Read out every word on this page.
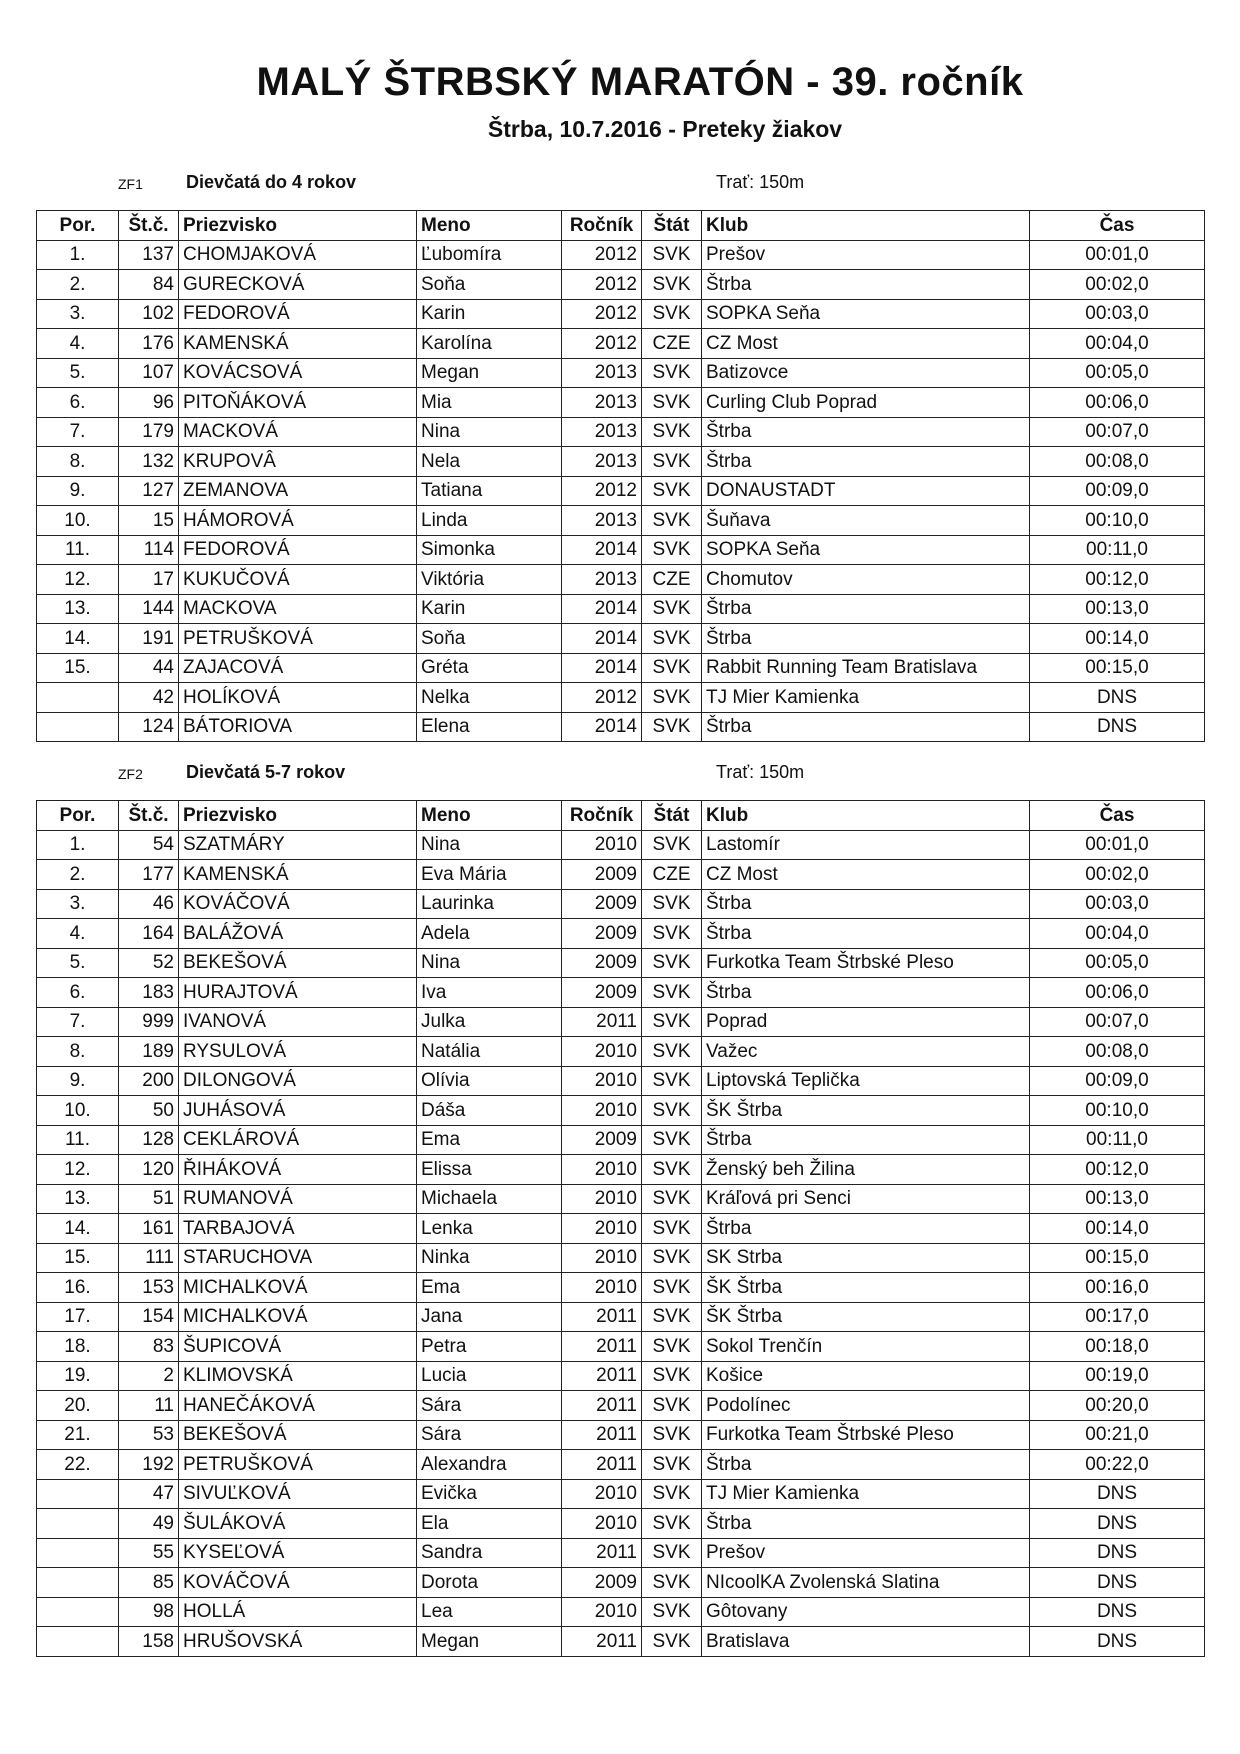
MALÝ ŠTRBSKÝ MARATÓN - 39. ročník
Štrba, 10.7.2016 - Preteky žiakov
ZF1 Dievčatá do 4 rokov	Trať: 150m
Por.	Št.č.	Priezvisko	Meno	Ročník	Štát	Klub	Čas
1.	137	CHOMJAKOVÁ	Ľubomíra	2012	SVK	Prešov	00:01,0
2.	84	GURECKOVÁ	Soňa	2012	SVK	Štrba	00:02,0
3.	102	FEDOROVÁ	Karin	2012	SVK	SOPKA Seňa	00:03,0
4.	176	KAMENSKÁ	Karolína	2012	CZE	CZ Most	00:04,0
5.	107	KOVÁCSOVÁ	Megan	2013	SVK	Batizovce	00:05,0
6.	96	PITOŇÁKOVÁ	Mia	2013	SVK	Curling Club Poprad	00:06,0
7.	179	MACKOVÁ	Nina	2013	SVK	Štrba	00:07,0
8.	132	KRUPOVÂ	Nela	2013	SVK	Štrba	00:08,0
9.	127	ZEMANOVA	Tatiana	2012	SVK	DONAUSTADT	00:09,0
10.	15	HÁMOROVÁ	Linda	2013	SVK	Šuňava	00:10,0
11.	114	FEDOROVÁ	Simonka	2014	SVK	SOPKA Seňa	00:11,0
12.	17	KUKUČOVÁ	Viktória	2013	CZE	Chomutov	00:12,0
13.	144	MACKOVA	Karin	2014	SVK	Štrba	00:13,0
14.	191	PETRUŠKOVÁ	Soňa	2014	SVK	Štrba	00:14,0
15.	44	ZAJACOVÁ	Gréta	2014	SVK	Rabbit Running Team Bratislava	00:15,0
	42	HOLÍKOVÁ	Nelka	2012	SVK	TJ Mier Kamienka	DNS
	124	BÁTORIOVA	Elena	2014	SVK	Štrba	DNS
ZF2 Dievčatá 5-7 rokov	Trať: 150m
Por.	Št.č.	Priezvisko	Meno	Ročník	Štát	Klub	Čas
1.	54	SZATMÁRY	Nina	2010	SVK	Lastomír	00:01,0
2.	177	KAMENSKÁ	Eva Mária	2009	CZE	CZ Most	00:02,0
3.	46	KOVÁČOVÁ	Laurinka	2009	SVK	Štrba	00:03,0
4.	164	BALÁŽOVÁ	Adela	2009	SVK	Štrba	00:04,0
5.	52	BEKEŠOVÁ	Nina	2009	SVK	Furkotka Team Štrbské Pleso	00:05,0
6.	183	HURAJTOVÁ	Iva	2009	SVK	Štrba	00:06,0
7.	999	IVANOVÁ	Julka	2011	SVK	Poprad	00:07,0
8.	189	RYSULOVÁ	Natália	2010	SVK	Važec	00:08,0
9.	200	DILONGOVÁ	Olívia	2010	SVK	Liptovská Teplička	00:09,0
10.	50	JUHÁSOVÁ	Dáša	2010	SVK	ŠK Štrba	00:10,0
11.	128	CEKLÁROVÁ	Ema	2009	SVK	Štrba	00:11,0
12.	120	ŘIHÁKOVÁ	Elissa	2010	SVK	Ženský beh Žilina	00:12,0
13.	51	RUMANOVÁ	Michaela	2010	SVK	Kráľová pri Senci	00:13,0
14.	161	TARBAJOVÁ	Lenka	2010	SVK	Štrba	00:14,0
15.	111	STARUCHOVA	Ninka	2010	SVK	SK Strba	00:15,0
16.	153	MICHALKOVÁ	Ema	2010	SVK	ŠK Štrba	00:16,0
17.	154	MICHALKOVÁ	Jana	2011	SVK	ŠK Štrba	00:17,0
18.	83	ŠUPICOVÁ	Petra	2011	SVK	Sokol Trenčín	00:18,0
19.	2	KLIMOVSKÁ	Lucia	2011	SVK	Košice	00:19,0
20.	11	HANEČÁKOVÁ	Sára	2011	SVK	Podolínec	00:20,0
21.	53	BEKEŠOVÁ	Sára	2011	SVK	Furkotka Team Štrbské Pleso	00:21,0
22.	192	PETRUŠKOVÁ	Alexandra	2011	SVK	Štrba	00:22,0
	47	SIVUĽKOVÁ	Evička	2010	SVK	TJ Mier Kamienka	DNS
	49	ŠULÁKOVÁ	Ela	2010	SVK	Štrba	DNS
	55	KYSEĽOVÁ	Sandra	2011	SVK	Prešov	DNS
	85	KOVÁČOVÁ	Dorota	2009	SVK	NIcoolKA Zvolenská Slatina	DNS
	98	HOLLÁ	Lea	2010	SVK	Gôtovany	DNS
	158	HRUŠOVSKÁ	Megan	2011	SVK	Bratislava	DNS
